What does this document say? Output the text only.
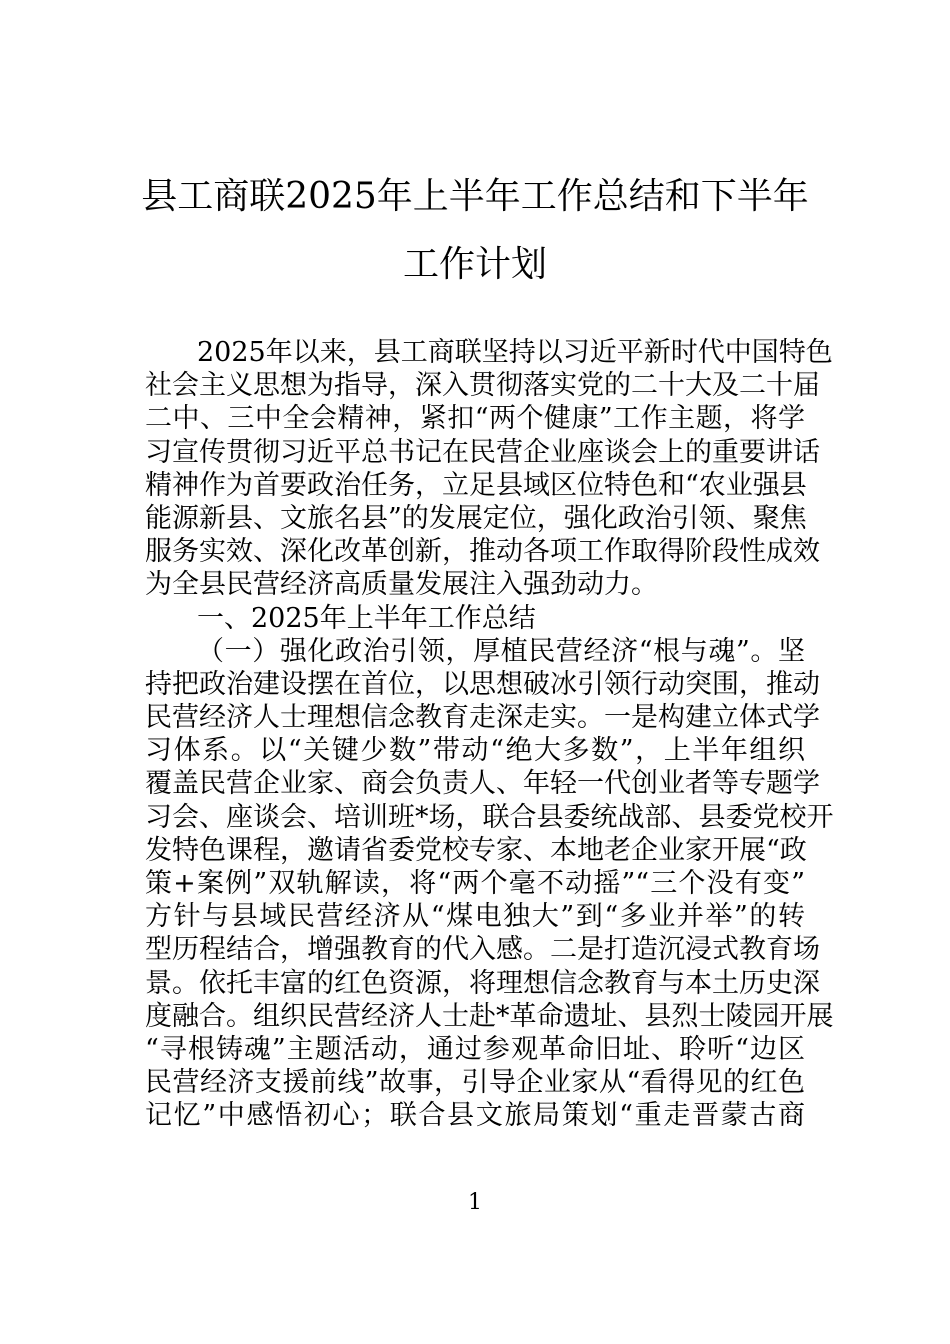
县工商联2025年上半年工作总结和下半年
工作计划
2025年以来，县工商联坚持以习近平新时代中国特色
社会主义思想为指导，深入贯彻落实党的二十大及二十届
二中、三中全会精神，紧扣“两个健康”工作主题，将学
习宣传贯彻习近平总书记在民营企业座谈会上的重要讲话
精神作为首要政治任务，立足县域区位特色和“农业强县
能源新县、文旅名县”的发展定位，强化政治引领、聚焦
服务实效、深化改革创新，推动各项工作取得阶段性成效
为全县民营经济高质量发展注入强劲动力。
一、2025年上半年工作总结
（一）强化政治引领，厚植民营经济“根与魂”。坚
持把政治建设摆在首位，以思想破冰引领行动突围，推动
民营经济人士理想信念教育走深走实。一是构建立体式学
习体系。以“关键少数”带动“绝大多数”，上半年组织
覆盖民营企业家、商会负责人、年轻一代创业者等专题学
习会、座谈会、培训班*场，联合县委统战部、县委党校开
发特色课程，邀请省委党校专家、本地老企业家开展“政
策+案例”双轨解读，将“两个毫不动摇”“三个没有变”
方针与县域民营经济从“煤电独大”到“多业并举”的转
型历程结合，增强教育的代入感。二是打造沉浸式教育场
景。依托丰富的红色资源，将理想信念教育与本土历史深
度融合。组织民营经济人士赴*革命遗址、县烈士陵园开展
“寻根铸魂”主题活动，通过参观革命旧址、聆听“边区
民营经济支援前线”故事，引导企业家从“看得见的红色
记忆”中感悟初心；联合县文旅局策划“重走晋蒙古商
1
